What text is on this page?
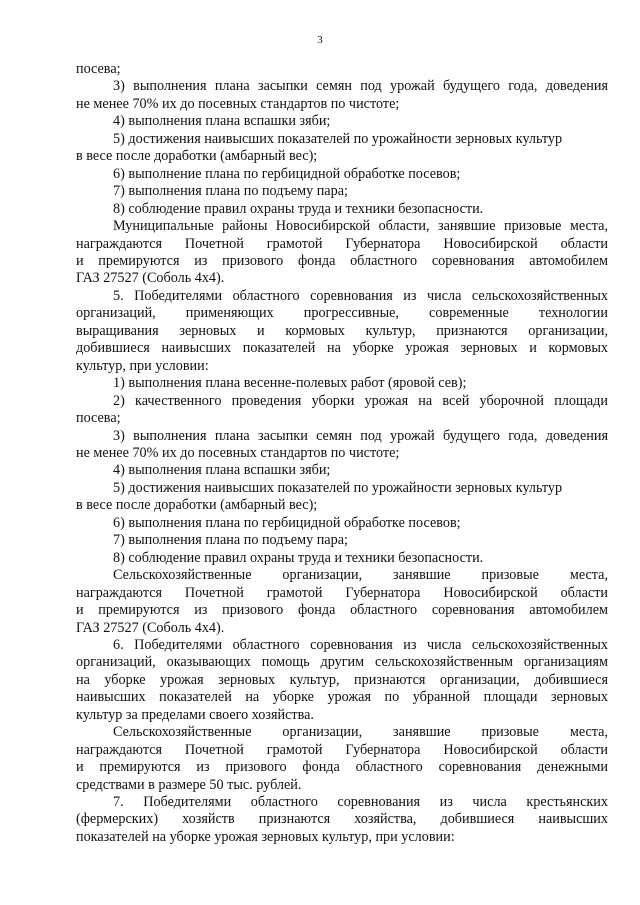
3

посева;

3) выполнения плана засыпки семян под урожай будущего года, доведения

не менее 70% их до посевных стандартов по чистоте;

4) выполнения плана вспашки зяби;

5) достижения наивысших показателей по урожайности зерновых культур

в весе после доработки (амбарный вес);

6) выполнение плана по гербицидной обработке посевов;

7) выполнения плана по подъему пара;

8) соблюдение правил охраны труда и техники безопасности.

Муниципальные районы Новосибирской области, занявшие призовые места,

награждаются Почетной грамотой Губернатора Новосибирской области

и премируются из призового фонда областного соревнования автомобилем

ГАЗ 27527 (Соболь 4х4).

5. Победителями областного соревнования из числа сельскохозяйственных

организаций, применяющих прогрессивные, современные технологии

выращивания зерновых и кормовых культур, признаются организации,

добившиеся наивысших показателей на уборке урожая зерновых и кормовых

культур, при условии:

1) выполнения плана весенне-полевых работ (яровой сев);

2) качественного проведения уборки урожая на всей уборочной площади

посева;

3) выполнения плана засыпки семян под урожай будущего года, доведения

не менее 70% их до посевных стандартов по чистоте;

4) выполнения плана вспашки зяби;

5) достижения наивысших показателей по урожайности зерновых культур

в весе после доработки (амбарный вес);

6) выполнения плана по гербицидной обработке посевов;

7) выполнения плана по подъему пара;

8) соблюдение правил охраны труда и техники безопасности.

Сельскохозяйственные организации, занявшие призовые места,

награждаются Почетной грамотой Губернатора Новосибирской области

и премируются из призового фонда областного соревнования автомобилем

ГАЗ 27527 (Соболь 4х4).

6. Победителями областного соревнования из числа сельскохозяйственных

организаций, оказывающих помощь другим сельскохозяйственным организациям

на уборке урожая зерновых культур, признаются организации, добившиеся

наивысших показателей на уборке урожая по убранной площади зерновых

культур за пределами своего хозяйства.

Сельскохозяйственные организации, занявшие призовые места,

награждаются Почетной грамотой Губернатора Новосибирской области

и премируются из призового фонда областного соревнования денежными

средствами в размере 50 тыс. рублей.

7. Победителями областного соревнования из числа крестьянских

(фермерских) хозяйств признаются хозяйства, добившиеся наивысших

показателей на уборке урожая зерновых культур, при условии:
